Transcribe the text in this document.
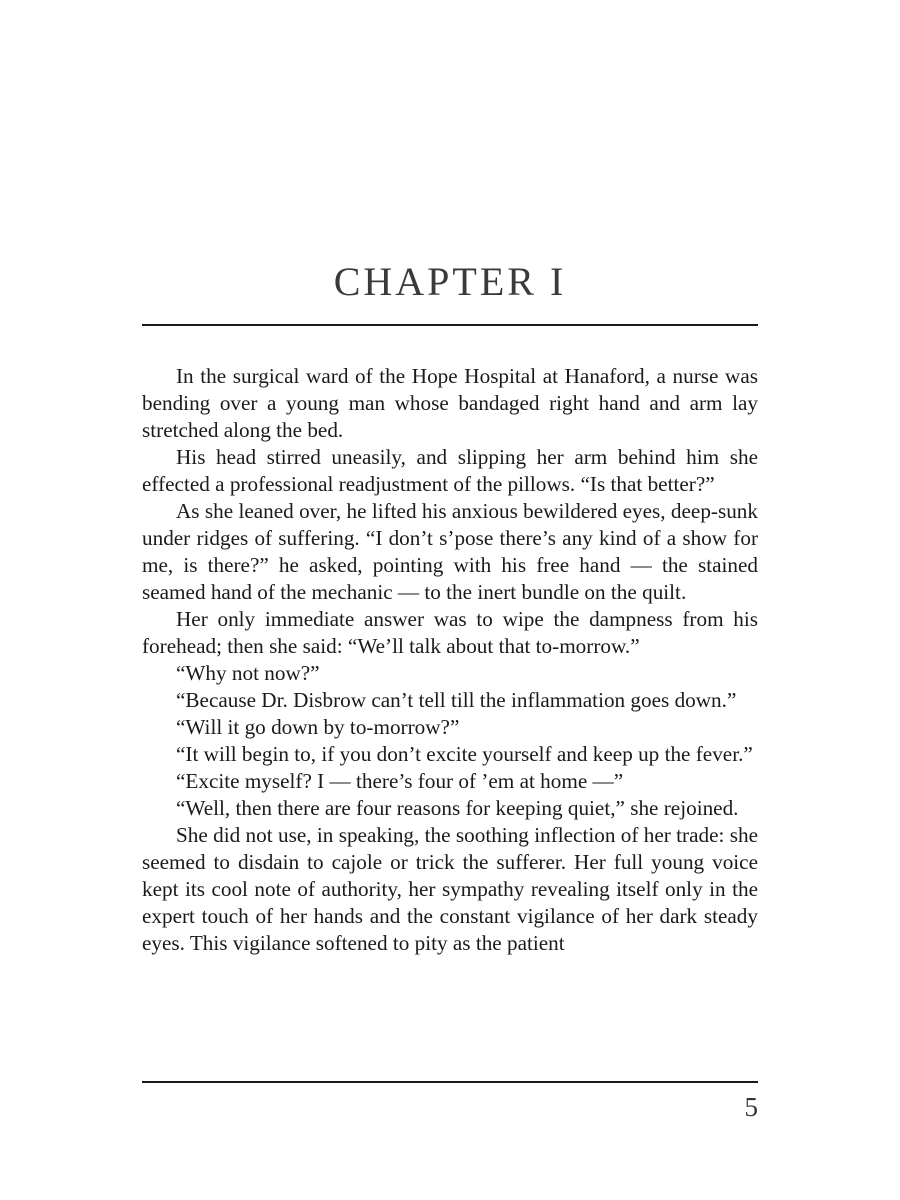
CHAPTER I

In the surgical ward of the Hope Hospital at Hanaford, a nurse was bending over a young man whose bandaged right hand and arm lay stretched along the bed.

His head stirred uneasily, and slipping her arm behind him she effected a professional readjustment of the pillows. “Is that better?”

As she leaned over, he lifted his anxious bewildered eyes, deep-sunk under ridges of suffering. “I don’t s’pose there’s any kind of a show for me, is there?” he asked, pointing with his free hand — the stained seamed hand of the mechanic — to the inert bundle on the quilt.

Her only immediate answer was to wipe the dampness from his forehead; then she said: “We’ll talk about that to-morrow.”

“Why not now?”

“Because Dr. Disbrow can’t tell till the inflammation goes down.”

“Will it go down by to-morrow?”

“It will begin to, if you don’t excite yourself and keep up the fever.”

“Excite myself? I — there’s four of ’em at home —”

“Well, then there are four reasons for keeping quiet,” she rejoined.

She did not use, in speaking, the soothing inflection of her trade: she seemed to disdain to cajole or trick the sufferer. Her full young voice kept its cool note of authority, her sympathy revealing itself only in the expert touch of her hands and the constant vigilance of her dark steady eyes. This vigilance softened to pity as the patient

5
